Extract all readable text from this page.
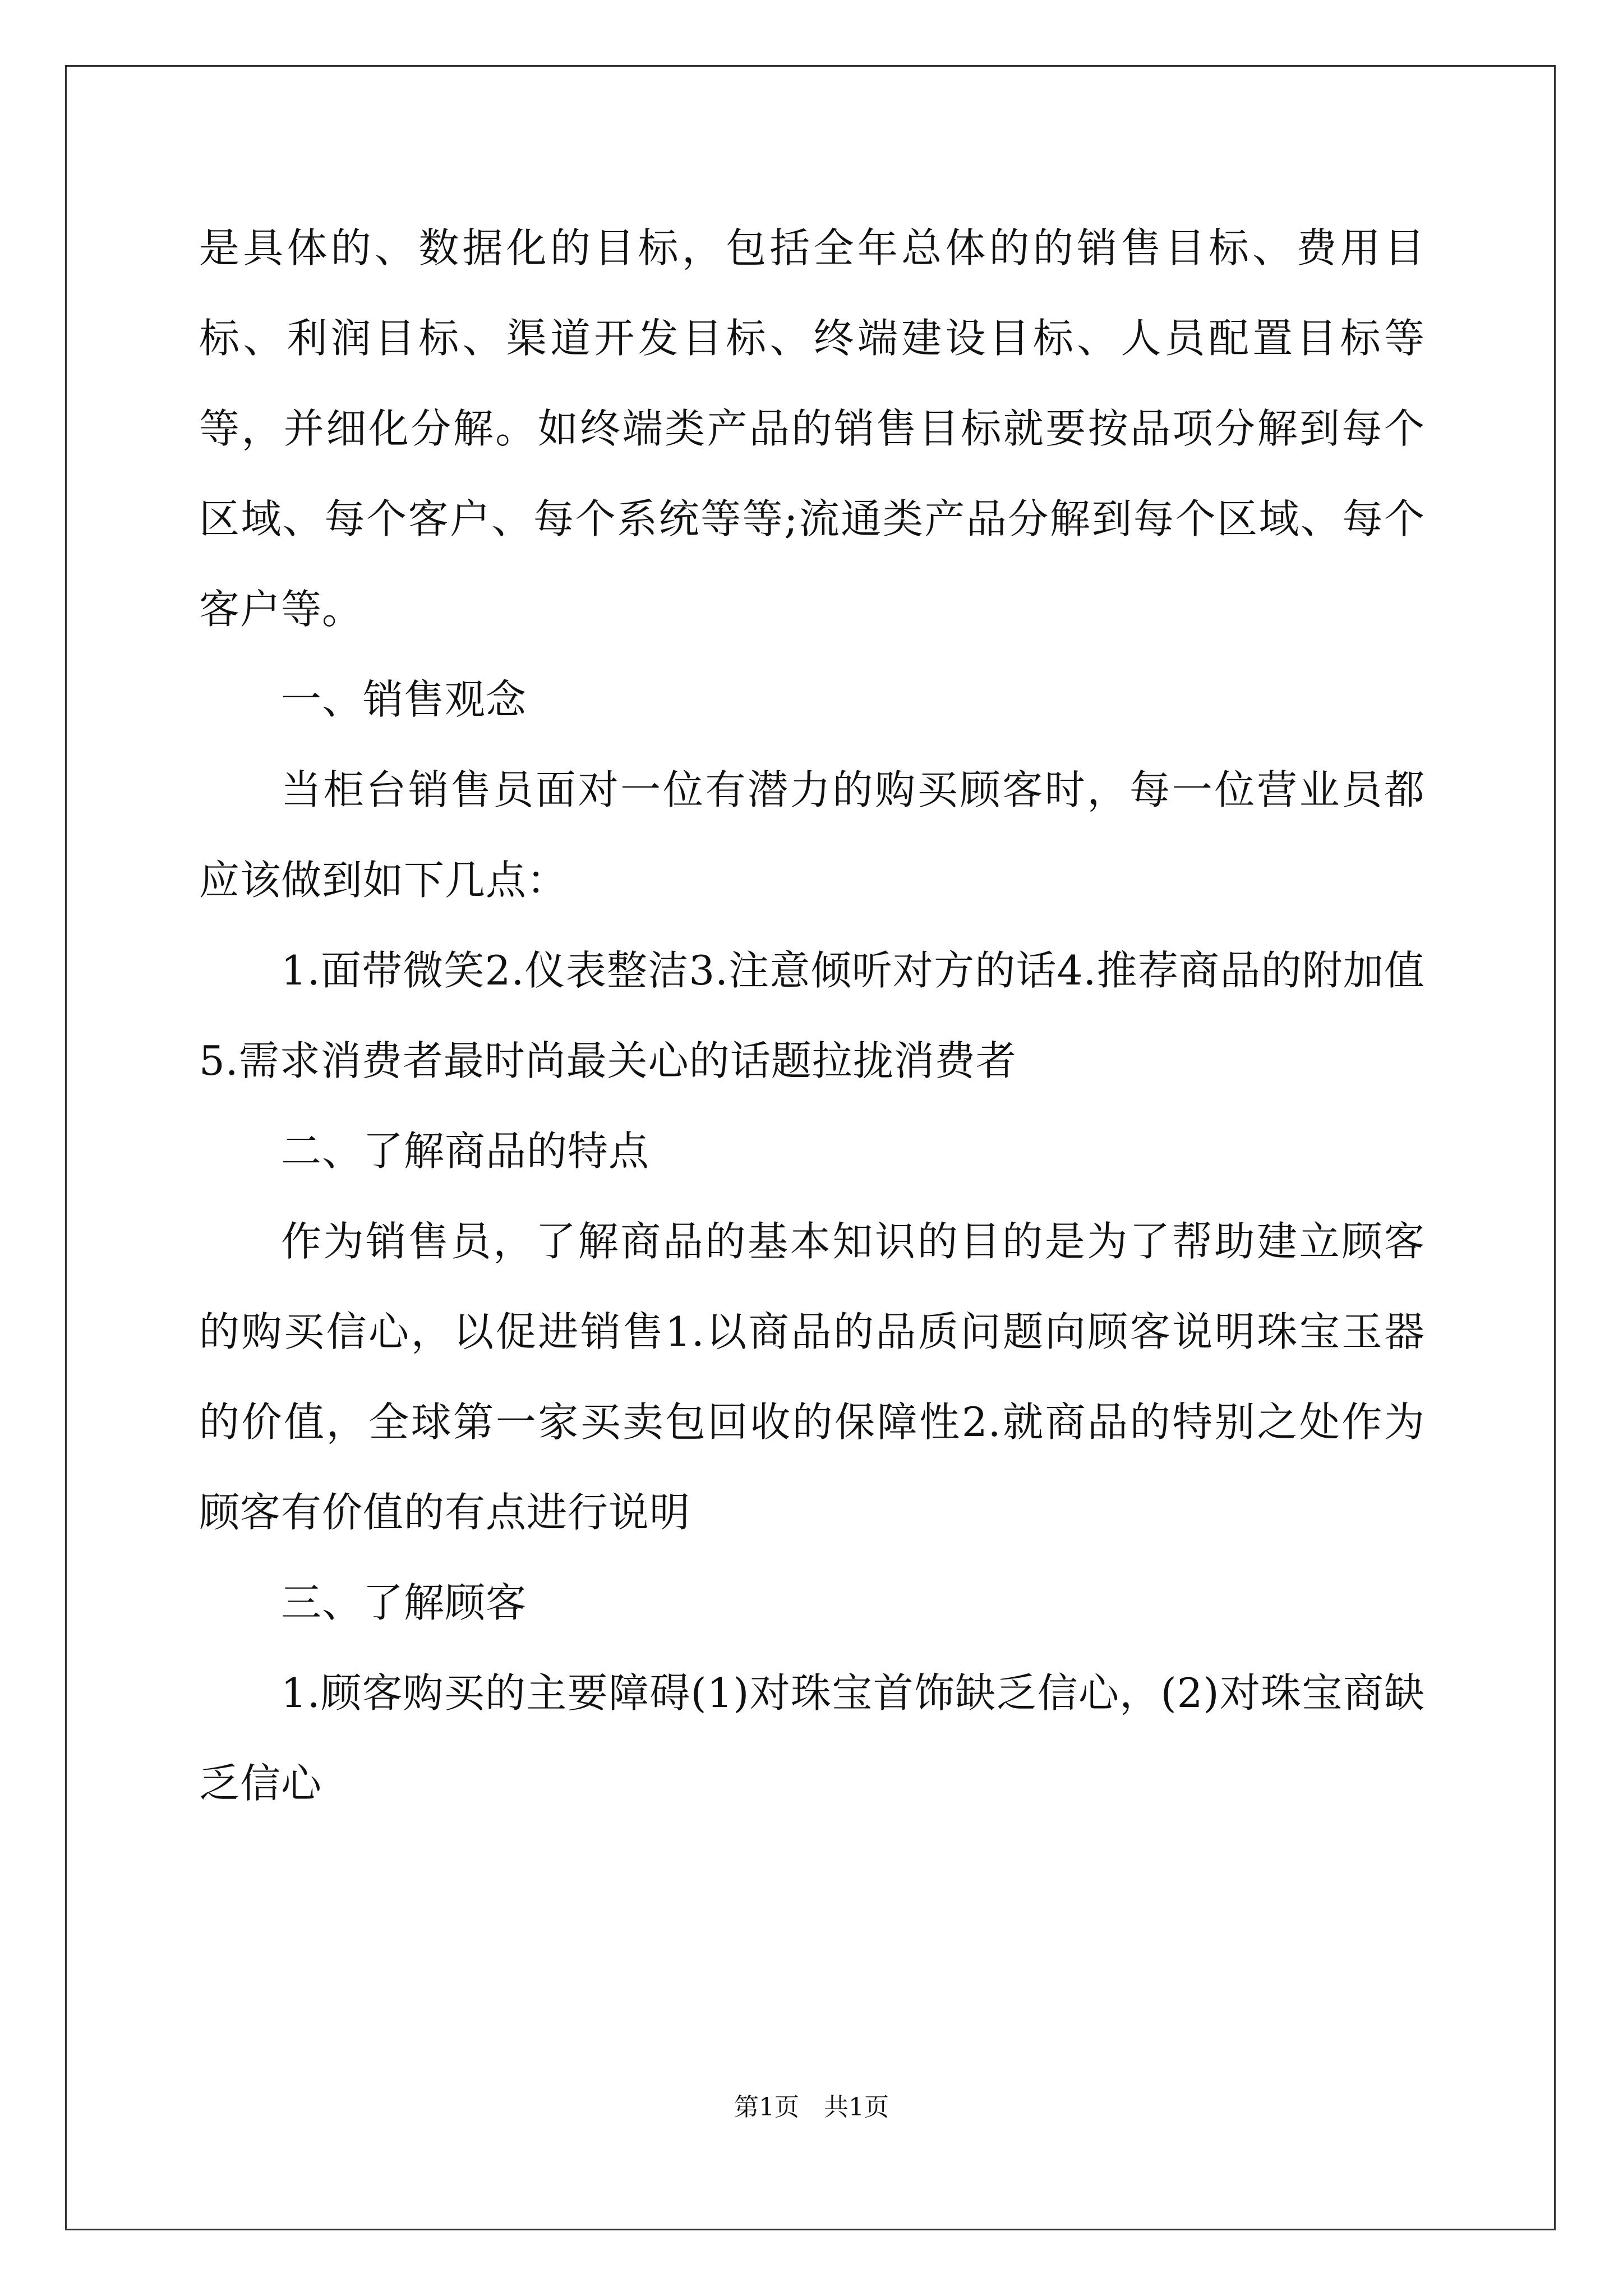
是具体的、数据化的目标，包括全年总体的的销售目标、费用目标、利润目标、渠道开发目标、终端建设目标、人员配置目标等等，并细化分解。如终端类产品的销售目标就要按品项分解到每个区域、每个客户、每个系统等等;流通类产品分解到每个区域、每个客户等。

一、销售观念

当柜台销售员面对一位有潜力的购买顾客时，每一位营业员都应该做到如下几点：

1.面带微笑2.仪表整洁3.注意倾听对方的话4.推荐商品的附加值5.需求消费者最时尚最关心的话题拉拢消费者

二、了解商品的特点

作为销售员，了解商品的基本知识的目的是为了帮助建立顾客的购买信心，以促进销售1.以商品的品质问题向顾客说明珠宝玉器的价值，全球第一家买卖包回收的保障性2.就商品的特别之处作为顾客有价值的有点进行说明

三、了解顾客

1.顾客购买的主要障碍(1)对珠宝首饰缺乏信心，(2)对珠宝商缺乏信心

第1页　共1页
